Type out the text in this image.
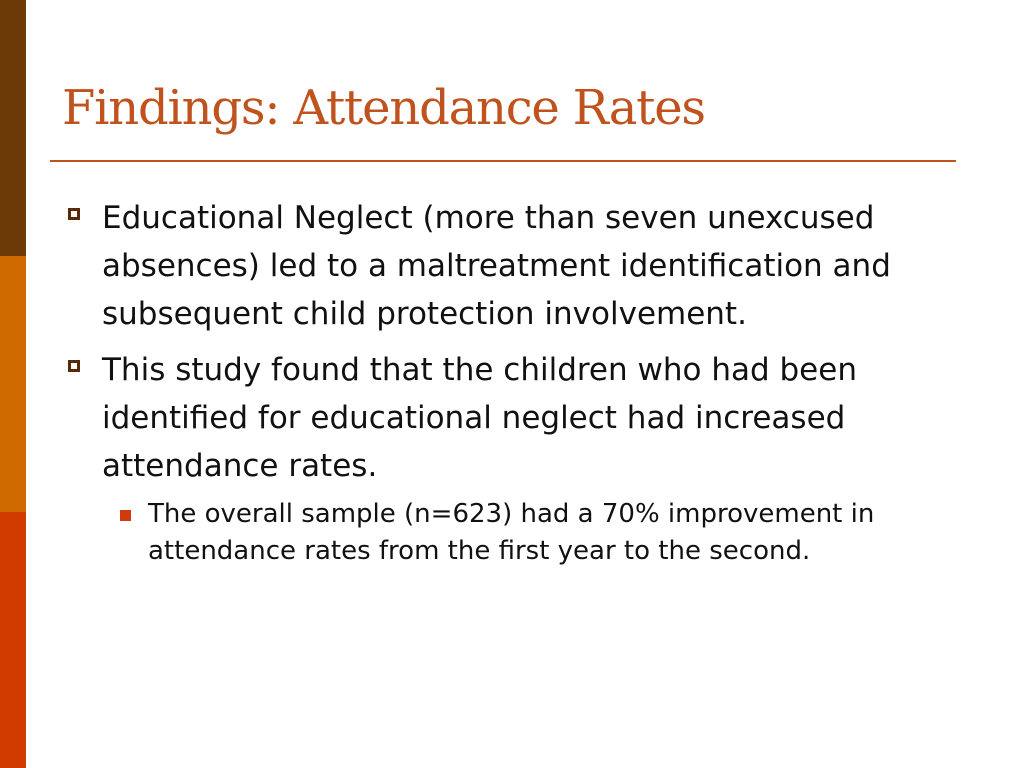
Findings: Attendance Rates
Educational Neglect (more than seven unexcused absences) led to a maltreatment identification and subsequent child protection involvement.
This study found that the children who had been identified for educational neglect had increased attendance rates.
The overall sample (n=623) had a 70% improvement in attendance rates from the first year to the second.
